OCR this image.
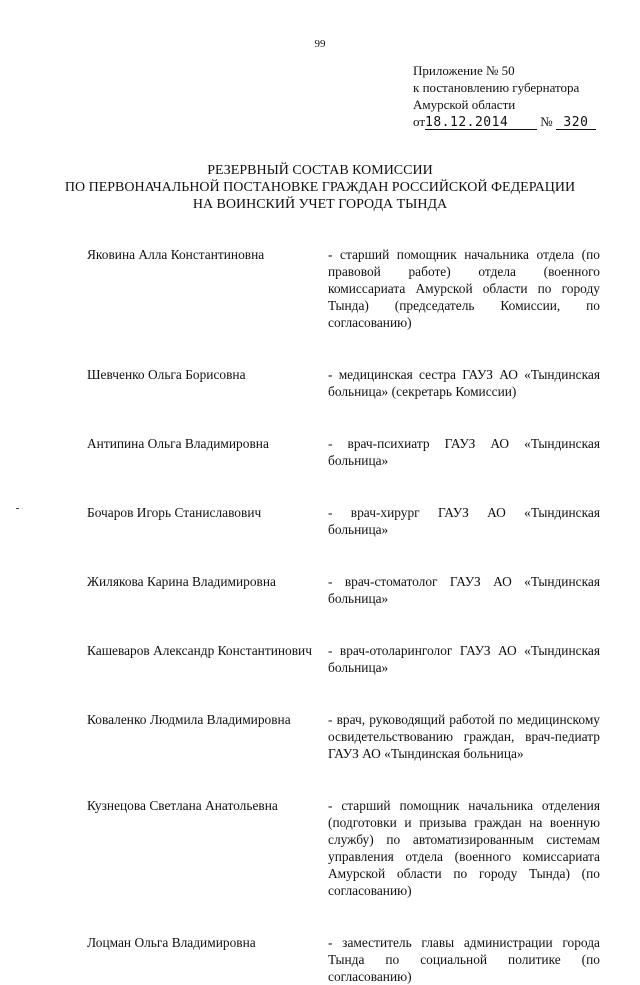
99
Приложение № 50
к постановлению губернатора
Амурской области
от18.12.2014 № 320
РЕЗЕРВНЫЙ СОСТАВ КОМИССИИ
ПО ПЕРВОНАЧАЛЬНОЙ ПОСТАНОВКЕ ГРАЖДАН РОССИЙСКОЙ ФЕДЕРАЦИИ
НА ВОИНСКИЙ УЧЕТ ГОРОДА ТЫНДА
Яковина Алла Константиновна	- старший помощник начальника отдела (по правовой работе) отдела (военного комиссариата Амурской области по городу Тында) (председатель Комиссии, по согласованию)
Шевченко Ольга Борисовна	- медицинская сестра ГАУЗ АО «Тындинская больница» (секретарь Комиссии)
Антипина Ольга Владимировна	- врач-психиатр ГАУЗ АО «Тындинская больница»
Бочаров Игорь Станиславович	- врач-хирург ГАУЗ АО «Тындинская больница»
Жилякова Карина Владимировна	- врач-стоматолог ГАУЗ АО «Тындинская больница»
Кашеваров Александр Константинович	- врач-отоларинголог ГАУЗ АО «Тындинская больница»
Коваленко Людмила Владимировна	- врач, руководящий работой по медицинскому освидетельствованию граждан, врач-педиатр ГАУЗ АО «Тындинская больница»
Кузнецова Светлана Анатольевна	- старший помощник начальника отделения (подготовки и призыва граждан на военную службу) по автоматизированным системам управления отдела (военного комиссариата Амурской области по городу Тында) (по согласованию)
Лоцман Ольга Владимировна	- заместитель главы администрации города Тында по социальной политике (по согласованию)
